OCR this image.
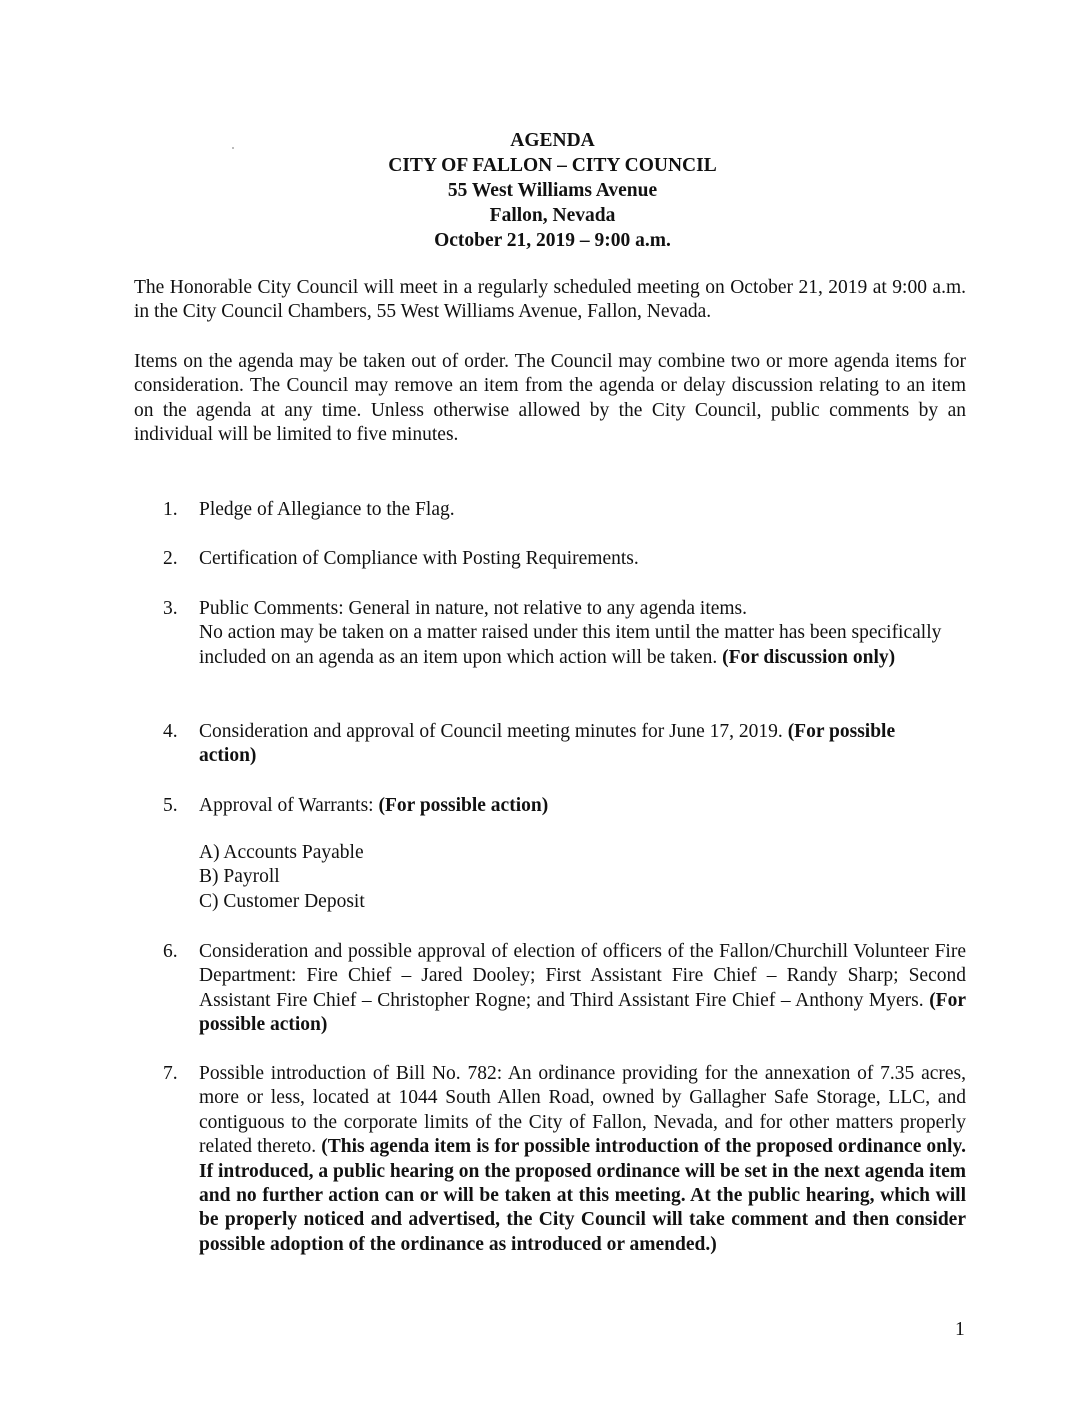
AGENDA
CITY OF FALLON – CITY COUNCIL
55 West Williams Avenue
Fallon, Nevada
October 21, 2019 – 9:00 a.m.
The Honorable City Council will meet in a regularly scheduled meeting on October 21, 2019 at 9:00 a.m. in the City Council Chambers, 55 West Williams Avenue, Fallon, Nevada.
Items on the agenda may be taken out of order. The Council may combine two or more agenda items for consideration. The Council may remove an item from the agenda or delay discussion relating to an item on the agenda at any time. Unless otherwise allowed by the City Council, public comments by an individual will be limited to five minutes.
1.	Pledge of Allegiance to the Flag.
2.	Certification of Compliance with Posting Requirements.
3.	Public Comments: General in nature, not relative to any agenda items.
No action may be taken on a matter raised under this item until the matter has been specifically included on an agenda as an item upon which action will be taken. (For discussion only)
4.	Consideration and approval of Council meeting minutes for June 17, 2019. (For possible action)
5.	Approval of Warrants: (For possible action)
A) Accounts Payable
B) Payroll
C) Customer Deposit
6.	Consideration and possible approval of election of officers of the Fallon/Churchill Volunteer Fire Department: Fire Chief – Jared Dooley; First Assistant Fire Chief – Randy Sharp; Second Assistant Fire Chief – Christopher Rogne; and Third Assistant Fire Chief – Anthony Myers. (For possible action)
7.	Possible introduction of Bill No. 782: An ordinance providing for the annexation of 7.35 acres, more or less, located at 1044 South Allen Road, owned by Gallagher Safe Storage, LLC, and contiguous to the corporate limits of the City of Fallon, Nevada, and for other matters properly related thereto. (This agenda item is for possible introduction of the proposed ordinance only. If introduced, a public hearing on the proposed ordinance will be set in the next agenda item and no further action can or will be taken at this meeting. At the public hearing, which will be properly noticed and advertised, the City Council will take comment and then consider possible adoption of the ordinance as introduced or amended.)
1
